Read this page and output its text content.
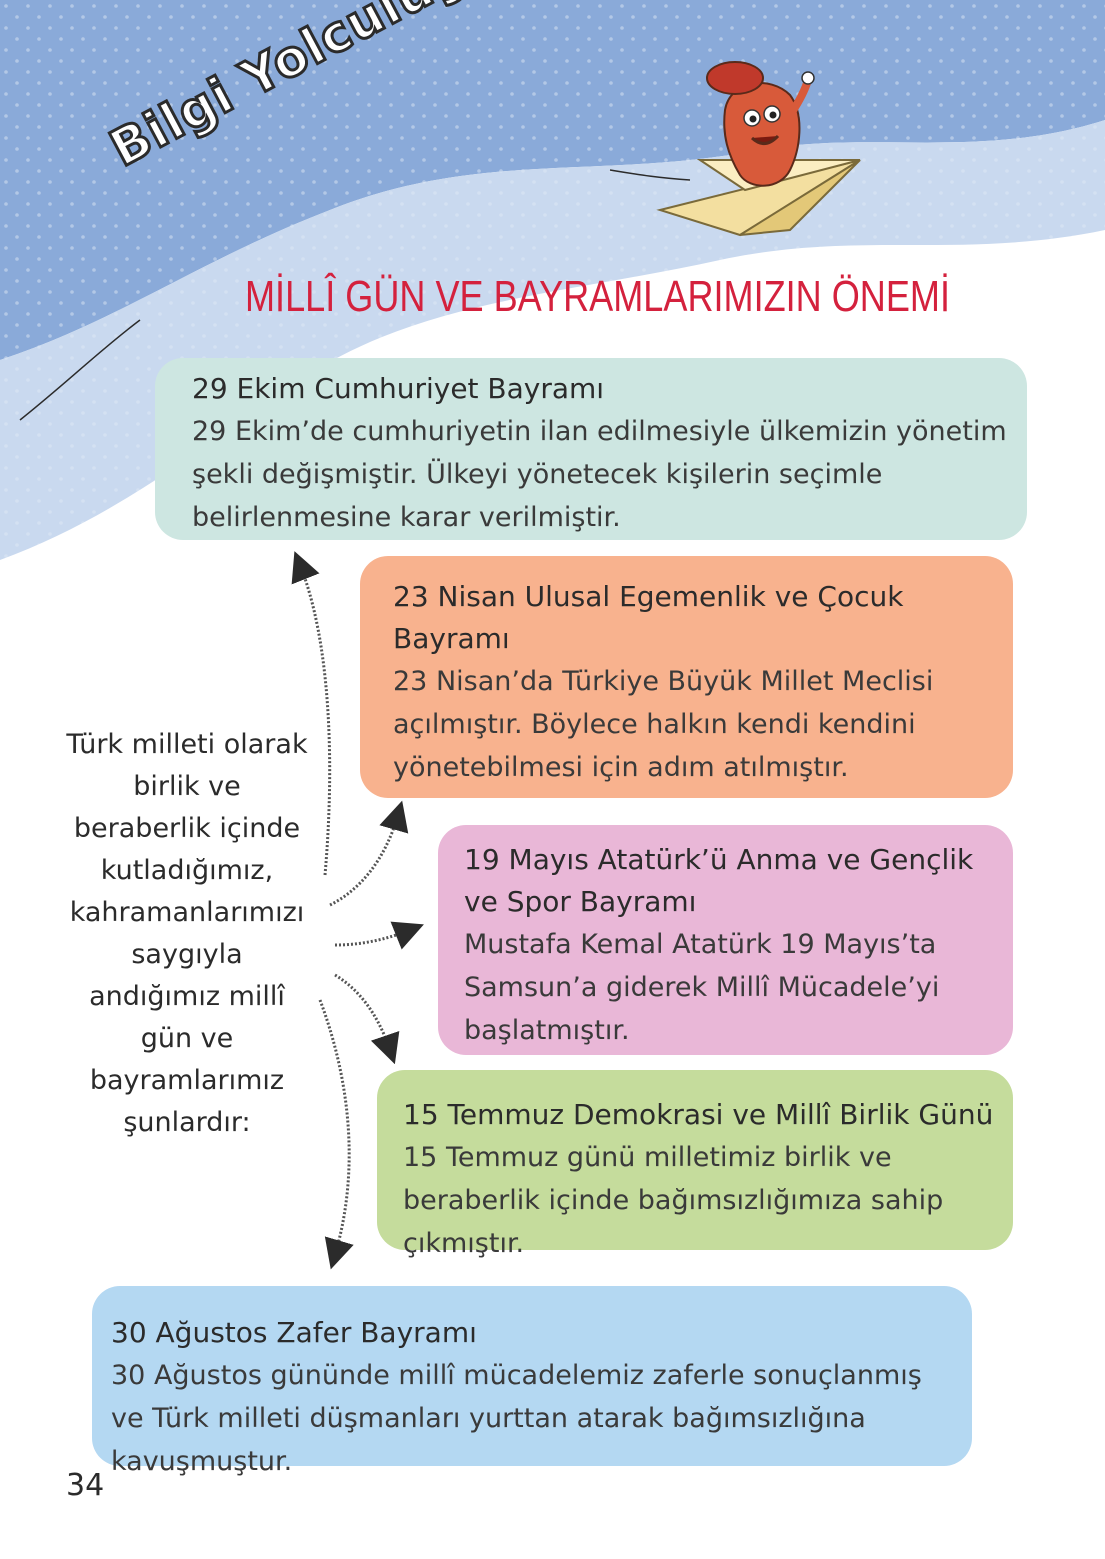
MİLLÎ GÜN VE BAYRAMLARIMIZIN ÖNEMİ
Türk milleti olarak birlik ve beraberlik içinde kutladığımız, kahramanlarımızı saygıyla andığımız millî gün ve bayramlarımız şunlardır:
29 Ekim Cumhuriyet Bayramı
29 Ekim’de cumhuriyetin ilan edilmesiyle ülkemizin yönetim şekli değişmiştir. Ülkeyi yönetecek kişilerin seçimle belirlenmesine karar verilmiştir.
23 Nisan Ulusal Egemenlik ve Çocuk Bayramı
23 Nisan’da Türkiye Büyük Millet Meclisi açılmıştır. Böylece halkın kendi kendini yönetebilmesi için adım atılmıştır.
19 Mayıs Atatürk’ü Anma ve Gençlik ve Spor Bayramı
Mustafa Kemal Atatürk 19 Mayıs’ta Samsun’a giderek Millî Mücadele’yi başlatmıştır.
15 Temmuz Demokrasi ve Millî Birlik Günü
15 Temmuz günü milletimiz birlik ve beraberlik içinde bağımsızlığımıza sahip çıkmıştır.
30 Ağustos Zafer Bayramı
30 Ağustos gününde millî mücadelemiz zaferle sonuçlanmış ve Türk milleti düşmanları yurttan atarak bağımsızlığına kavuşmuştur.
34
